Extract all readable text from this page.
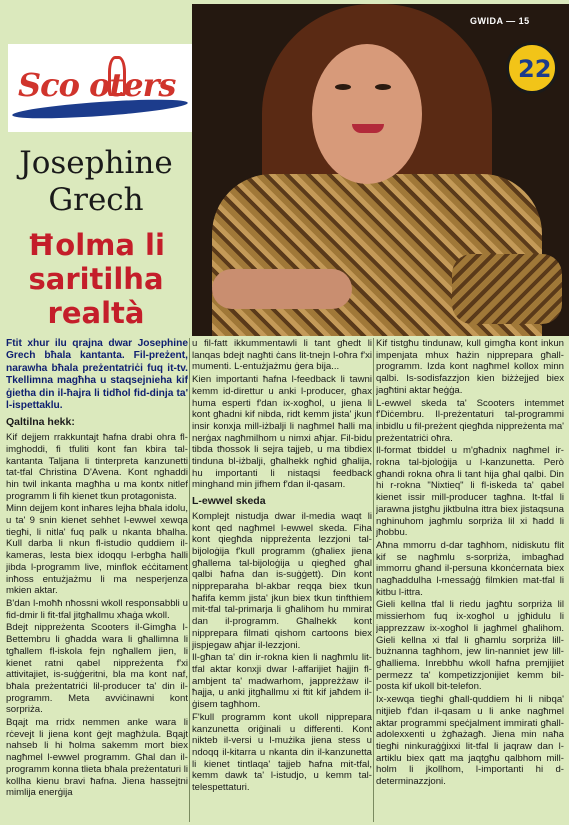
GWIDA — 15
Sco oters	22
Josephine Grech
Ħolma li saritilha realtà

Ftit xhur ilu qrajna dwar Josephine Grech bħala kantanta. Fil-preżent, narawha bħala preżentatriċi fuq it-tv. Tkellimna magħha u staqsejnieha kif ġietha din il-ħajra li tidħol fid-dinja ta' l-ispettaklu.

Qaltilna hekk:

Kif dejjem rrakkuntajt ħafna drabi ohra fl-imghoddi, fi tfuliti kont fan kbira tal-kantanta Taljana li tinterpreta kanzunetti tat-tfal Christina D'Avena. Kont nghaddi hin twil inkanta magħha u ma kontx nitlef programm li fih kienet tkun protagonista.

Minn dejjem kont inħares lejha bħala idolu, u ta' 9 snin kienet sehhet l-ewwel xewqa tiegħi, li nitla' fuq palk u nkanta bħalha. Kull darba li nkun fl-istudio quddiem il-kameras, lesta biex idoqqu l-erbgħa ħalli jibda l-programm live, minflok eċċitament inħoss entużjażmu li ma nesperjenza mkien aktar.

B'dan l-moħħ nħossni wkoll responsabbli u fid-dmir li fit-tfal jitgħallmu xħaġa wkoll.

Bdejt nippreżenta Scooters il-Gimgħa l-Bettembru li għadda wara li għallimna li tgħallem fl-iskola fejn ngħallem jien, li kienet ratni qabel nippreżenta f'xi attivitajiet, is-suġġeritni, bla ma kont naf, bħala preżentatriċi lil-producer ta' din il-programm. Meta avviċinawni kont sorpriża.

Bqajt ma rridx nemmen anke wara li rċevejt li jiena kont ġejt magħżula. Bqajt nahseb li hi ħolma sakemm mort biex nagħmel l-ewwel programm. Għal dan il-programm konna tlieta bħala preżentaturi li kollha kienu bravi ħafna. Jiena hassejtni mimlija enerġija

u fil-fatt ikkummentawli li tant għedt li lanqas bdejt nagħti ċans lit-tnejn l-oħra f'xi mumenti. L-entużjażmu ġera bija...

Kien importanti ħafna l-feedback li tawni kemm id-direttur u anki l-producer, għax huma esperti f'dan ix-xogħol, u jiena li kont għadni kif nibda, ridt kemm jista' jkun insir konxja mill-iżbalji li nagħmel ħalli ma nerġax nagħmilhom u nimxi aħjar. Fil-bidu tibda tħossok li sejra tajjeb, u ma tibdiex tinduna bl-iżbalji, għalhekk ngħid għalija, hu importanti li nistaqsi feedback minghand min jifhem f'dan il-qasam.

L-ewwel skeda

Komplejt nistudja dwar il-media waqt li kont qed nagħmel l-ewwel skeda. Fiha kont qiegħda nippreżenta lezzjoni tal-bijoloġija f'kull programm (għaliex jiena għallema tal-bijoloġija u qiegħed għal qalbi ħafna dan is-suġġett). Din kont nippreparaha bl-akbar reqqa biex tkun ħafifa kemm jista' jkun biex tkun tinfthiem mit-tfal tal-primarja li għalihom hu mmirat dan il-programm. Għalhekk kont nipprepara filmati qishom cartoons biex jispjegaw aħjar il-lezzjoni.

Il-għan ta' din ir-rokna kien li nagħmlu lit-tfal aktar konxji dwar l-affarijiet ħajjin fl-ambjent ta' madwarhom, jappreżżaw il-ħajja, u anki jitgħallmu xi ftit kif jaħdem il-ġisem tagħhom.

F'kull programm kont ukoll nipprepara kanzunetta oriġinali u differenti. Kont nikteb il-versi u l-mużika jiena stess u ndoqq il-kitarra u nkanta din il-kanzunetta li kienet tintlaqa' tajjeb ħafna mit-tfal, kemm dawk ta' l-istudjo, u kemm tal-telespettaturi.

Kif tistgħu tindunaw, kull gimgħa kont inkun impenjata mhux ħażin nipprepara għall-programm. Izda kont nagħmel kollox minn qalbi. Is-sodisfazzjon kien biżżejjed biex jagħtini aktar ħeġġa.

L-ewwel skeda ta' Scooters intemmet f'Diċembru. Il-preżentaturi tal-programmi inbidlu u fil-preżent qiegħda nippreżenta ma' preżentatriċi oħra.

Il-format tbiddel u m'għadnix nagħmel ir-rokna tal-bjoloġija u l-kanzunetta. Però għandi rokna oħra li tant hija għal qalbi. Din hi r-rokna "Nixtieq" li fl-iskeda ta' qabel kienet issir mill-producer tagħna. It-tfal li jarawna jistgħu jiktbulna ittra biex jistaqsuna nghinuhom jagħmlu sorpriża lil xi ħadd li jħobbu.

Aħna mmorru d-dar tagħhom, nidiskutu flit kif se nagħmlu s-sorpriża, imbagħad immorru għand il-persuna kkonċernata biex nagħaddulha l-messaġġ filmkien mat-tfal li kitbu l-ittra.

Gieli kellna tfal li riedu jagħtu sorpriża lil missierhom fuq ix-xogħol u jgħidulu li japprezzaw ix-xogħol li jagħmel għalihom. Gieli kellna xi tfal li għamlu sorpriża lill-bużnanna tagħhom, jew lin-nanniet jew lill-għalliema. Inrebbħu wkoll ħafna premjijiet permezz ta' kompetizzjonijiet kemm bil-posta kif ukoll bit-telefon.

Ix-xewqa tiegħi għall-quddiem hi li nibqa' nitjieb f'dan il-qasam u li anke nagħmel aktar programmi speċjalment immirati għall-adolexxenti u żgħażagħ. Jiena min naħa tiegħi ninkuraġġixxi lit-tfal li jaqraw dan l-artiklu biex qatt ma jaqtgħu qalbhom mill-holm li jkollhom, l-importanti hi d-determinazzjoni.
